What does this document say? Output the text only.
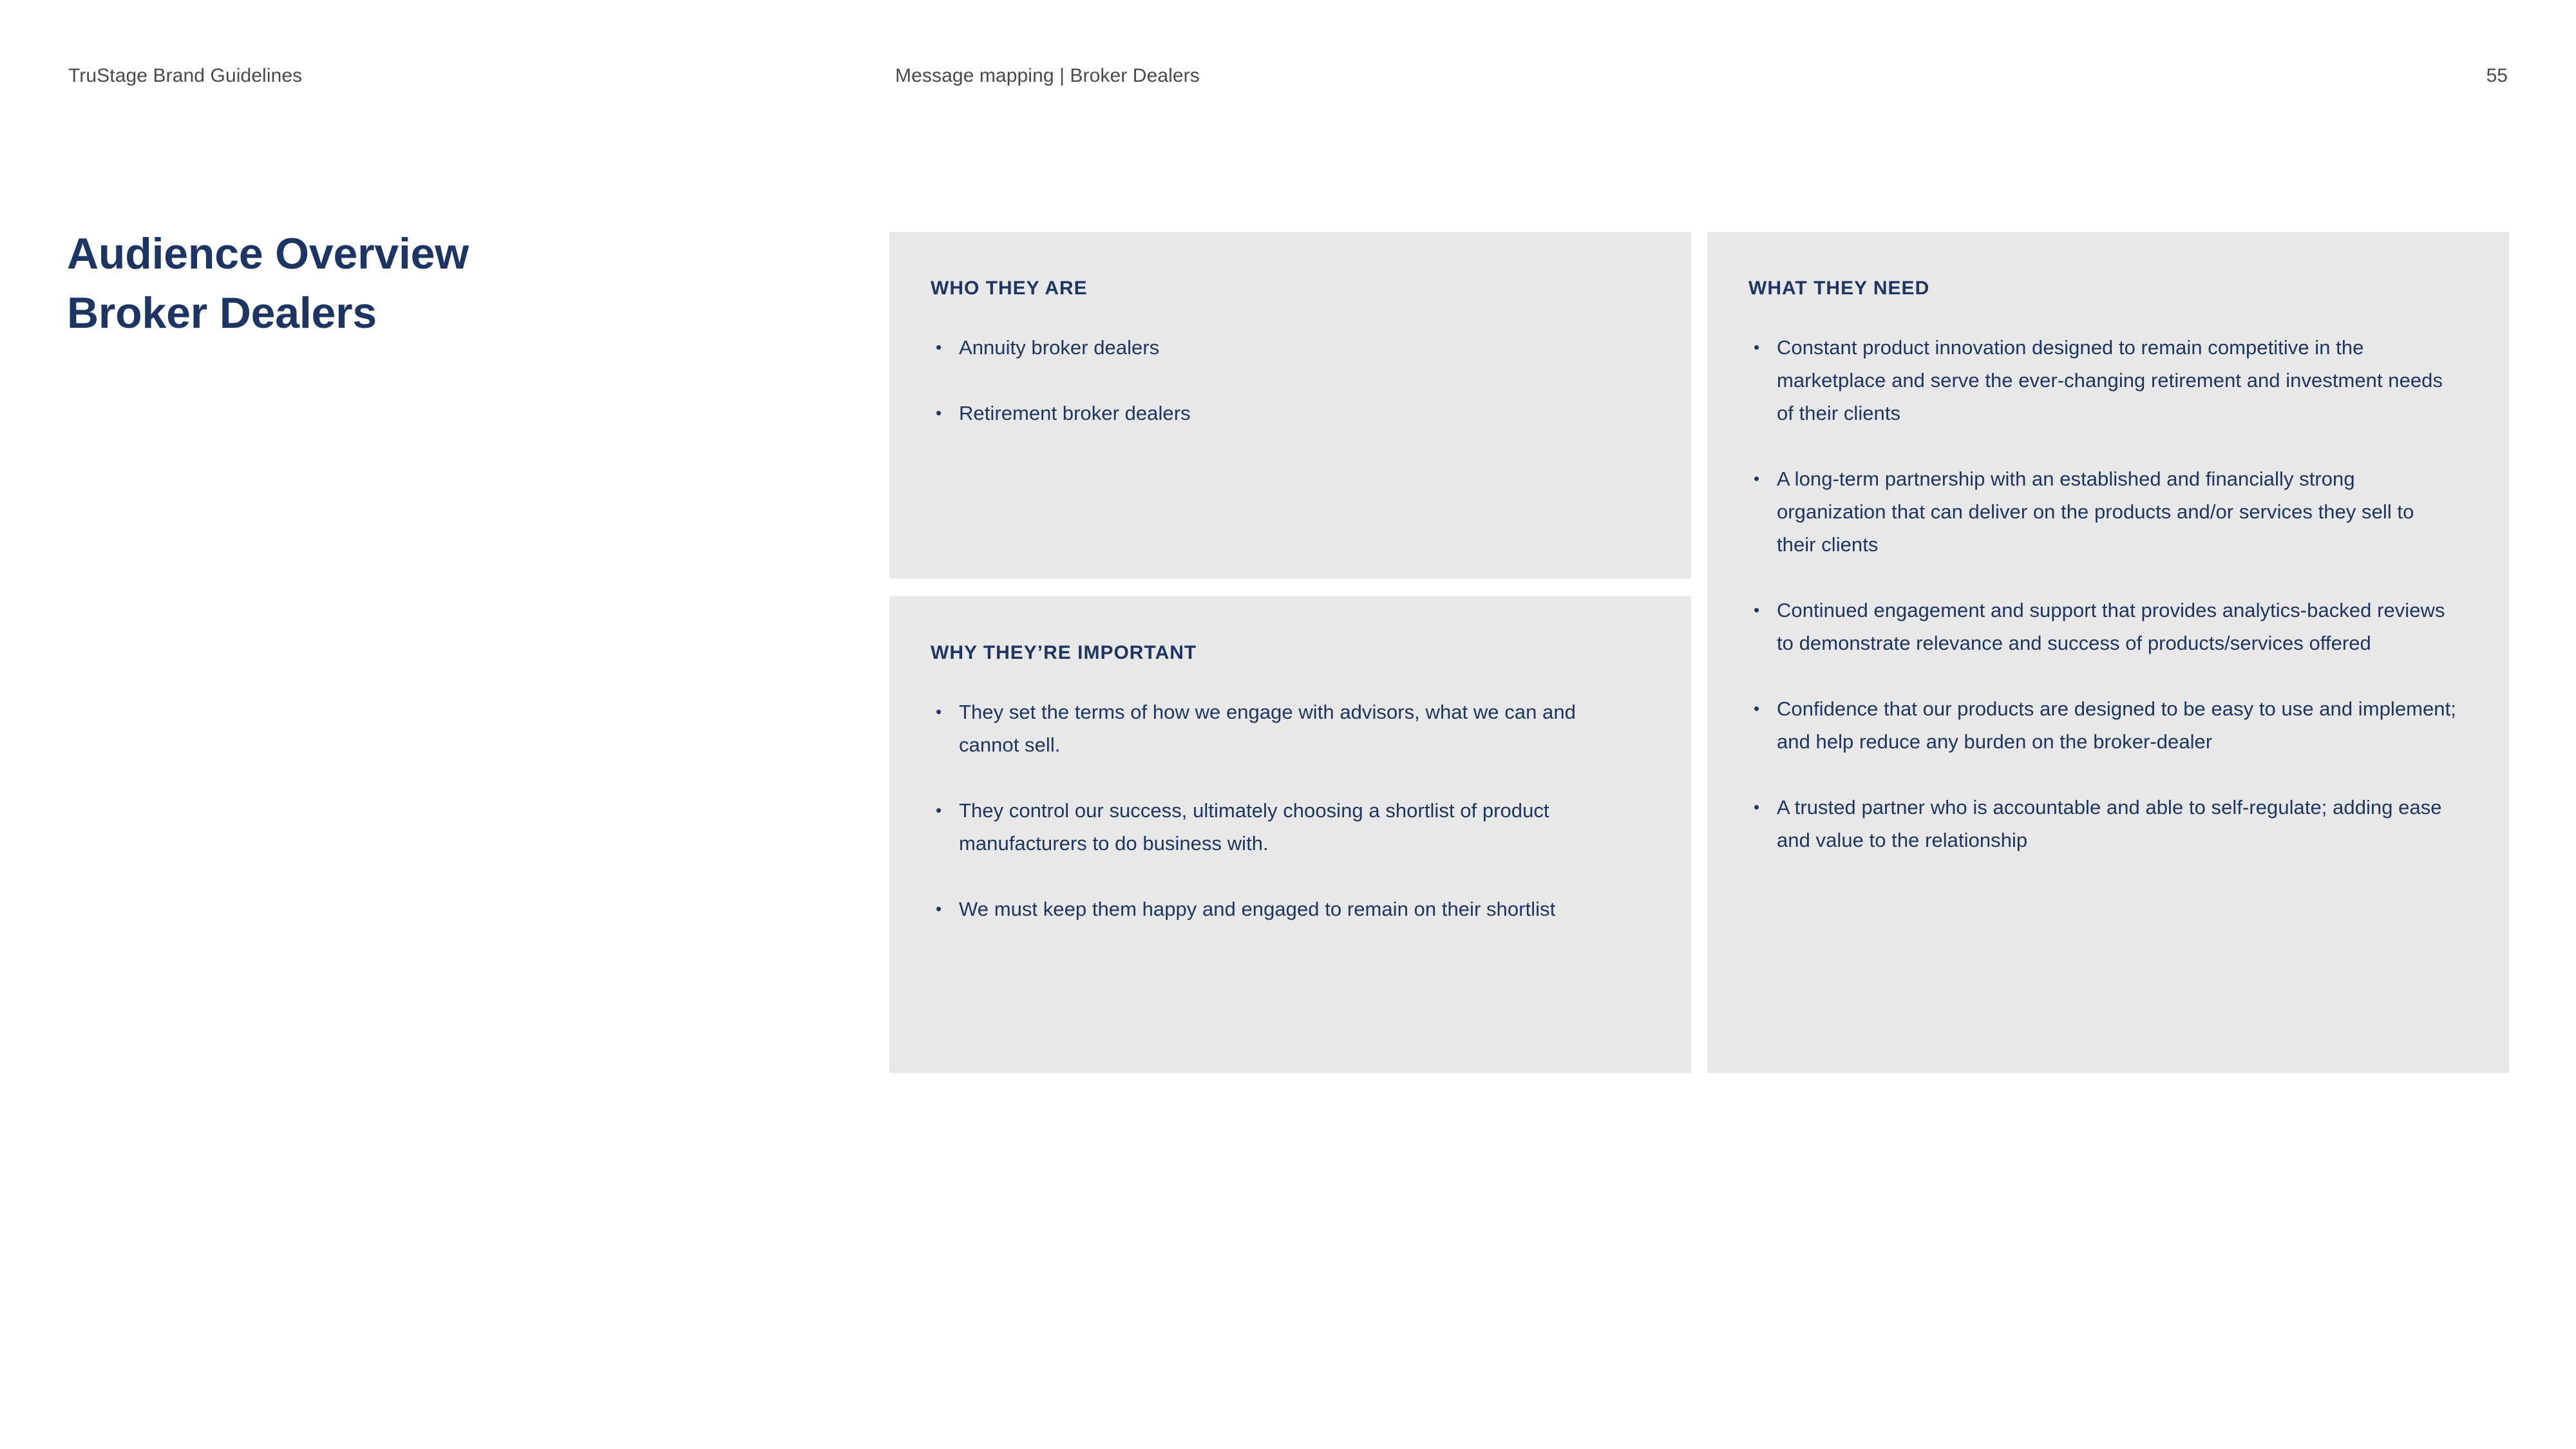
TruStage Brand Guidelines	Message mapping | Broker Dealers	55
Audience Overview
Broker Dealers
WHO THEY ARE
• Annuity broker dealers
• Retirement broker dealers
WHY THEY’RE IMPORTANT
• They set the terms of how we engage with advisors, what we can and cannot sell.
• They control our success, ultimately choosing a shortlist of product manufacturers to do business with.
• We must keep them happy and engaged to remain on their shortlist
WHAT THEY NEED
• Constant product innovation designed to remain competitive in the marketplace and serve the ever-changing retirement and investment needs of their clients
• A long-term partnership with an established and financially strong organization that can deliver on the products and/or services they sell to their clients
• Continued engagement and support that provides analytics-backed reviews to demonstrate relevance and success of products/services offered
• Confidence that our products are designed to be easy to use and implement; and help reduce any burden on the broker-dealer
• A trusted partner who is accountable and able to self-regulate; adding ease and value to the relationship
